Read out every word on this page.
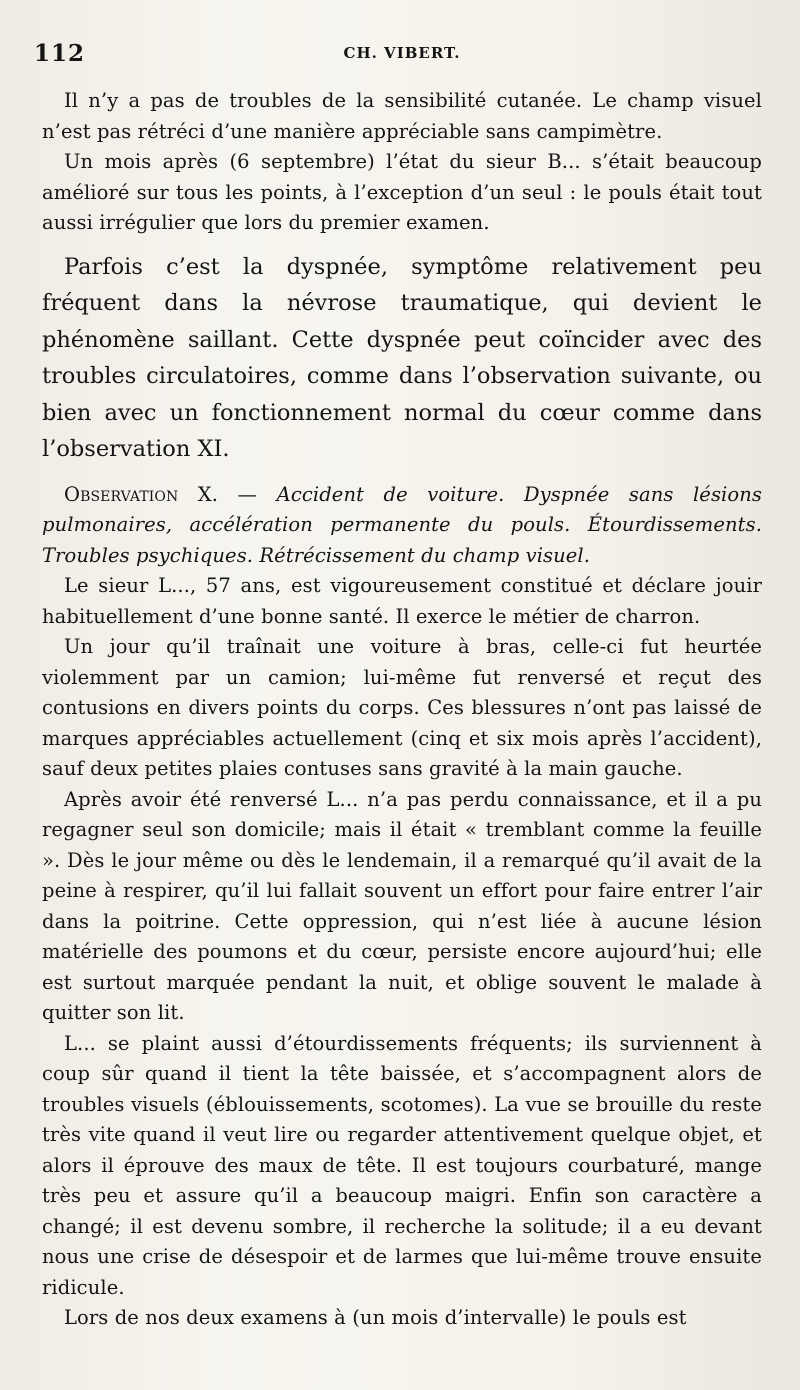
112	CH. VIBERT.

Il n’y a pas de troubles de la sensibilité cutanée. Le champ visuel n’est pas rétréci d’une manière appréciable sans campimètre.

Un mois après (6 septembre) l’état du sieur B... s’était beaucoup amélioré sur tous les points, à l’exception d’un seul : le pouls était tout aussi irrégulier que lors du premier examen.

Parfois c’est la dyspnée, symptôme relativement peu fréquent dans la névrose traumatique, qui devient le phénomène saillant. Cette dyspnée peut coïncider avec des troubles circulatoires, comme dans l’observation suivante, ou bien avec un fonctionnement normal du cœur comme dans l’observation XI.

Observation X. — Accident de voiture. Dyspnée sans lésions pulmonaires, accélération permanente du pouls. Étourdissements. Troubles psychiques. Rétrécissement du champ visuel.

Le sieur L..., 57 ans, est vigoureusement constitué et déclare jouir habituellement d’une bonne santé. Il exerce le métier de charron.

Un jour qu’il traînait une voiture à bras, celle-ci fut heurtée violemment par un camion; lui-même fut renversé et reçut des contusions en divers points du corps. Ces blessures n’ont pas laissé de marques appréciables actuellement (cinq et six mois après l’accident), sauf deux petites plaies contuses sans gravité à la main gauche.

Après avoir été renversé L... n’a pas perdu connaissance, et il a pu regagner seul son domicile; mais il était « tremblant comme la feuille ». Dès le jour même ou dès le lendemain, il a remarqué qu’il avait de la peine à respirer, qu’il lui fallait souvent un effort pour faire entrer l’air dans la poitrine. Cette oppression, qui n’est liée à aucune lésion matérielle des poumons et du cœur, persiste encore aujourd’hui; elle est surtout marquée pendant la nuit, et oblige souvent le malade à quitter son lit.

L... se plaint aussi d’étourdissements fréquents; ils surviennent à coup sûr quand il tient la tête baissée, et s’accompagnent alors de troubles visuels (éblouissements, scotomes). La vue se brouille du reste très vite quand il veut lire ou regarder attentivement quelque objet, et alors il éprouve des maux de tête. Il est toujours courbaturé, mange très peu et assure qu’il a beaucoup maigri. Enfin son caractère a changé; il est devenu sombre, il recherche la solitude; il a eu devant nous une crise de désespoir et de larmes que lui-même trouve ensuite ridicule.

Lors de nos deux examens à (un mois d’intervalle) le pouls est
